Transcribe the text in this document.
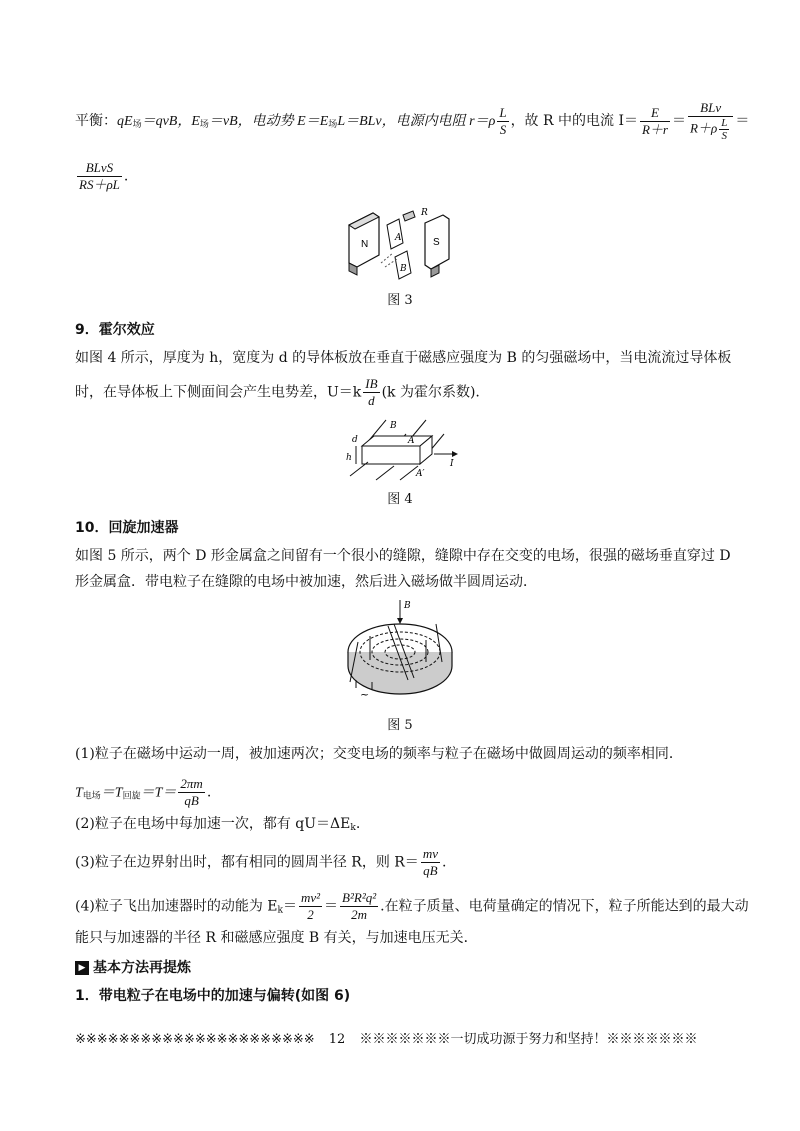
平衡：$qE_场=qvB$，$E_场=vB$，电动势 $E=E_场L=BLv$，电源内电阻 $r=\rho \frac{L}{S}$ ，故 R 中的电流 $I= \frac{E}{R+r} = \frac{\text{BLv}}{R+\rho \frac{L}{S}}$ ＝
$\frac{\text{BLvS}}{RS+\rho L}$ .
N
A
R
B
S
图 3
9．霍尔效应
如图 4 所示，厚度为 h，宽度为 d 的导体板放在垂直于磁感应强度为 B 的匀强磁场中，当电流流过导体板
时，在导体板上下侧面间会产生电势差，$U=k \frac{IB}{d} (k$ 为霍尔系数).
B
A
A′
d
h
I
图 4
10．回旋加速器
如图 5 所示，两个 D 形金属盒之间留有一个很小的缝隙，缝隙中存在交变的电场，很强的磁场垂直穿过 D
形金属盒．带电粒子在缝隙的电场中被加速，然后进入磁场做半圆周运动．
B
~
图 5
(1)粒子在磁场中运动一周，被加速两次；交变电场的频率与粒子在磁场中做圆周运动的频率相同．
$T_{电场}=T_{回旋}=T= \frac{2\pi m}{qB}$ .
(2)粒子在电场中每加速一次，都有 $qU=\Delta E_k$.
(3)粒子在边界射出时，都有相同的圆周半径 R，则 $R= \frac{mv}{qB}$ .
(4)粒子飞出加速器时的动能为 $E_k= \frac{\text{mv²}}{2} = \frac{\text{B²R²q²}}{2m}$ .在粒子质量、电荷量确定的情况下，粒子所能达到的最大动
能只与加速器的半径 R 和磁感应强度 B 有关，与加速电压无关．
▶ 基本方法再提炼
1．带电粒子在电场中的加速与偏转(如图 6)
※※※※※※※※※※※※※※※※※※※※※※ 12 ※※※※※※※一切成功源于努力和坚持！※※※※※※※
